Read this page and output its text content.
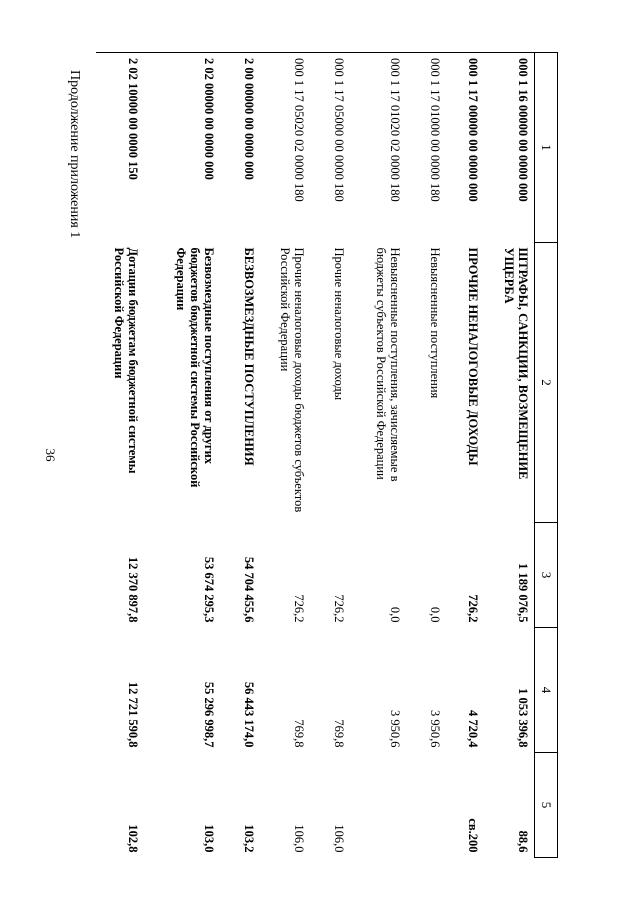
36
Продолжение приложения 1	1	2	3	4	5
000 1 16 00000 00 0000 000	ШТРАФЫ, САНКЦИИ, ВОЗМЕЩЕНИЕ УЩЕРБА	1 189 076,5	1 053 396,8	88,6
000 1 17 00000 00 0000 000	ПРОЧИЕ НЕНАЛОГОВЫЕ ДОХОДЫ	726,2	4 720,4	св.200
000 1 17 01000 00 0000 180	Невыясненные поступления	0,0	3 950,6	
000 1 17 01020 02 0000 180	Невыясненные поступления, зачисляемые в бюджеты субъектов Российской Федерации	0,0	3 950,6	
000 1 17 05000 00 0000 180	Прочие неналоговые доходы	726,2	769,8	106,0
000 1 17 05020 02 0000 180	Прочие неналоговые доходы бюджетов субъектов Российской Федерации	726,2	769,8	106,0
2 00 00000 00 0000 000	БЕЗВОЗМЕЗДНЫЕ ПОСТУПЛЕНИЯ	54 704 455,6	56 443 174,0	103,2
2 02 00000 00 0000 000	Безвозмездные поступления от других бюджетов бюджетной системы Российской Федерации	53 674 295,3	55 296 998,7	103,0
2 02 10000 00 0000 150	Дотации бюджетам бюджетной системы Российской Федерации	12 370 897,8	12 721 590,8	102,8
